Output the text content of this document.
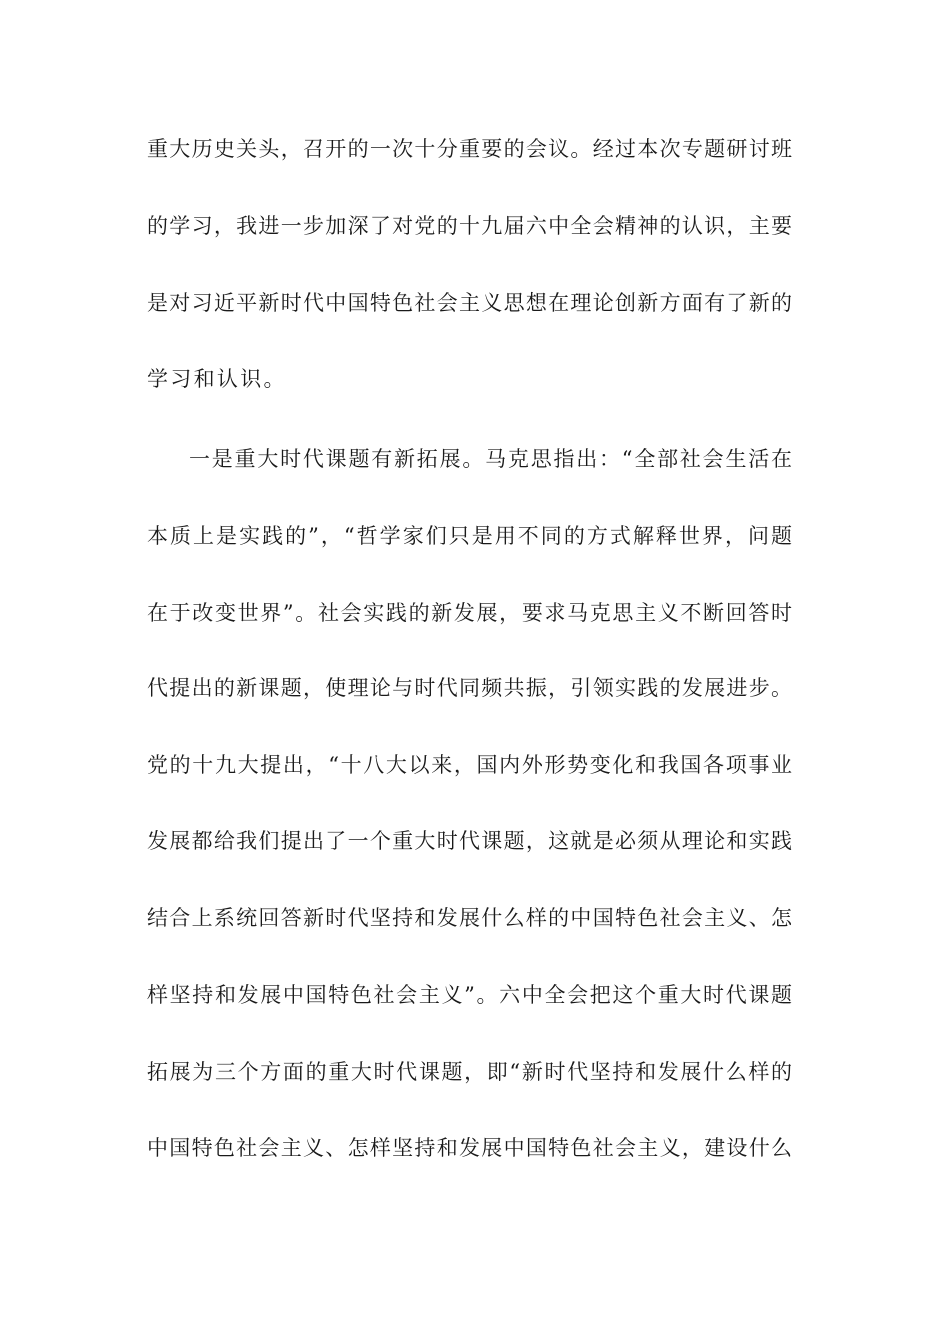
重大历史关头，召开的一次十分重要的会议。经过本次专题研讨班
的学习，我进一步加深了对党的十九届六中全会精神的认识，主要
是对习近平新时代中国特色社会主义思想在理论创新方面有了新的
学习和认识。
一是重大时代课题有新拓展。马克思指出：“全部社会生活在
本质上是实践的”，“哲学家们只是用不同的方式解释世界，问题
在于改变世界”。社会实践的新发展，要求马克思主义不断回答时
代提出的新课题，使理论与时代同频共振，引领实践的发展进步。
党的十九大提出，“十八大以来，国内外形势变化和我国各项事业
发展都给我们提出了一个重大时代课题，这就是必须从理论和实践
结合上系统回答新时代坚持和发展什么样的中国特色社会主义、怎
样坚持和发展中国特色社会主义”。六中全会把这个重大时代课题
拓展为三个方面的重大时代课题，即“新时代坚持和发展什么样的
中国特色社会主义、怎样坚持和发展中国特色社会主义，建设什么
